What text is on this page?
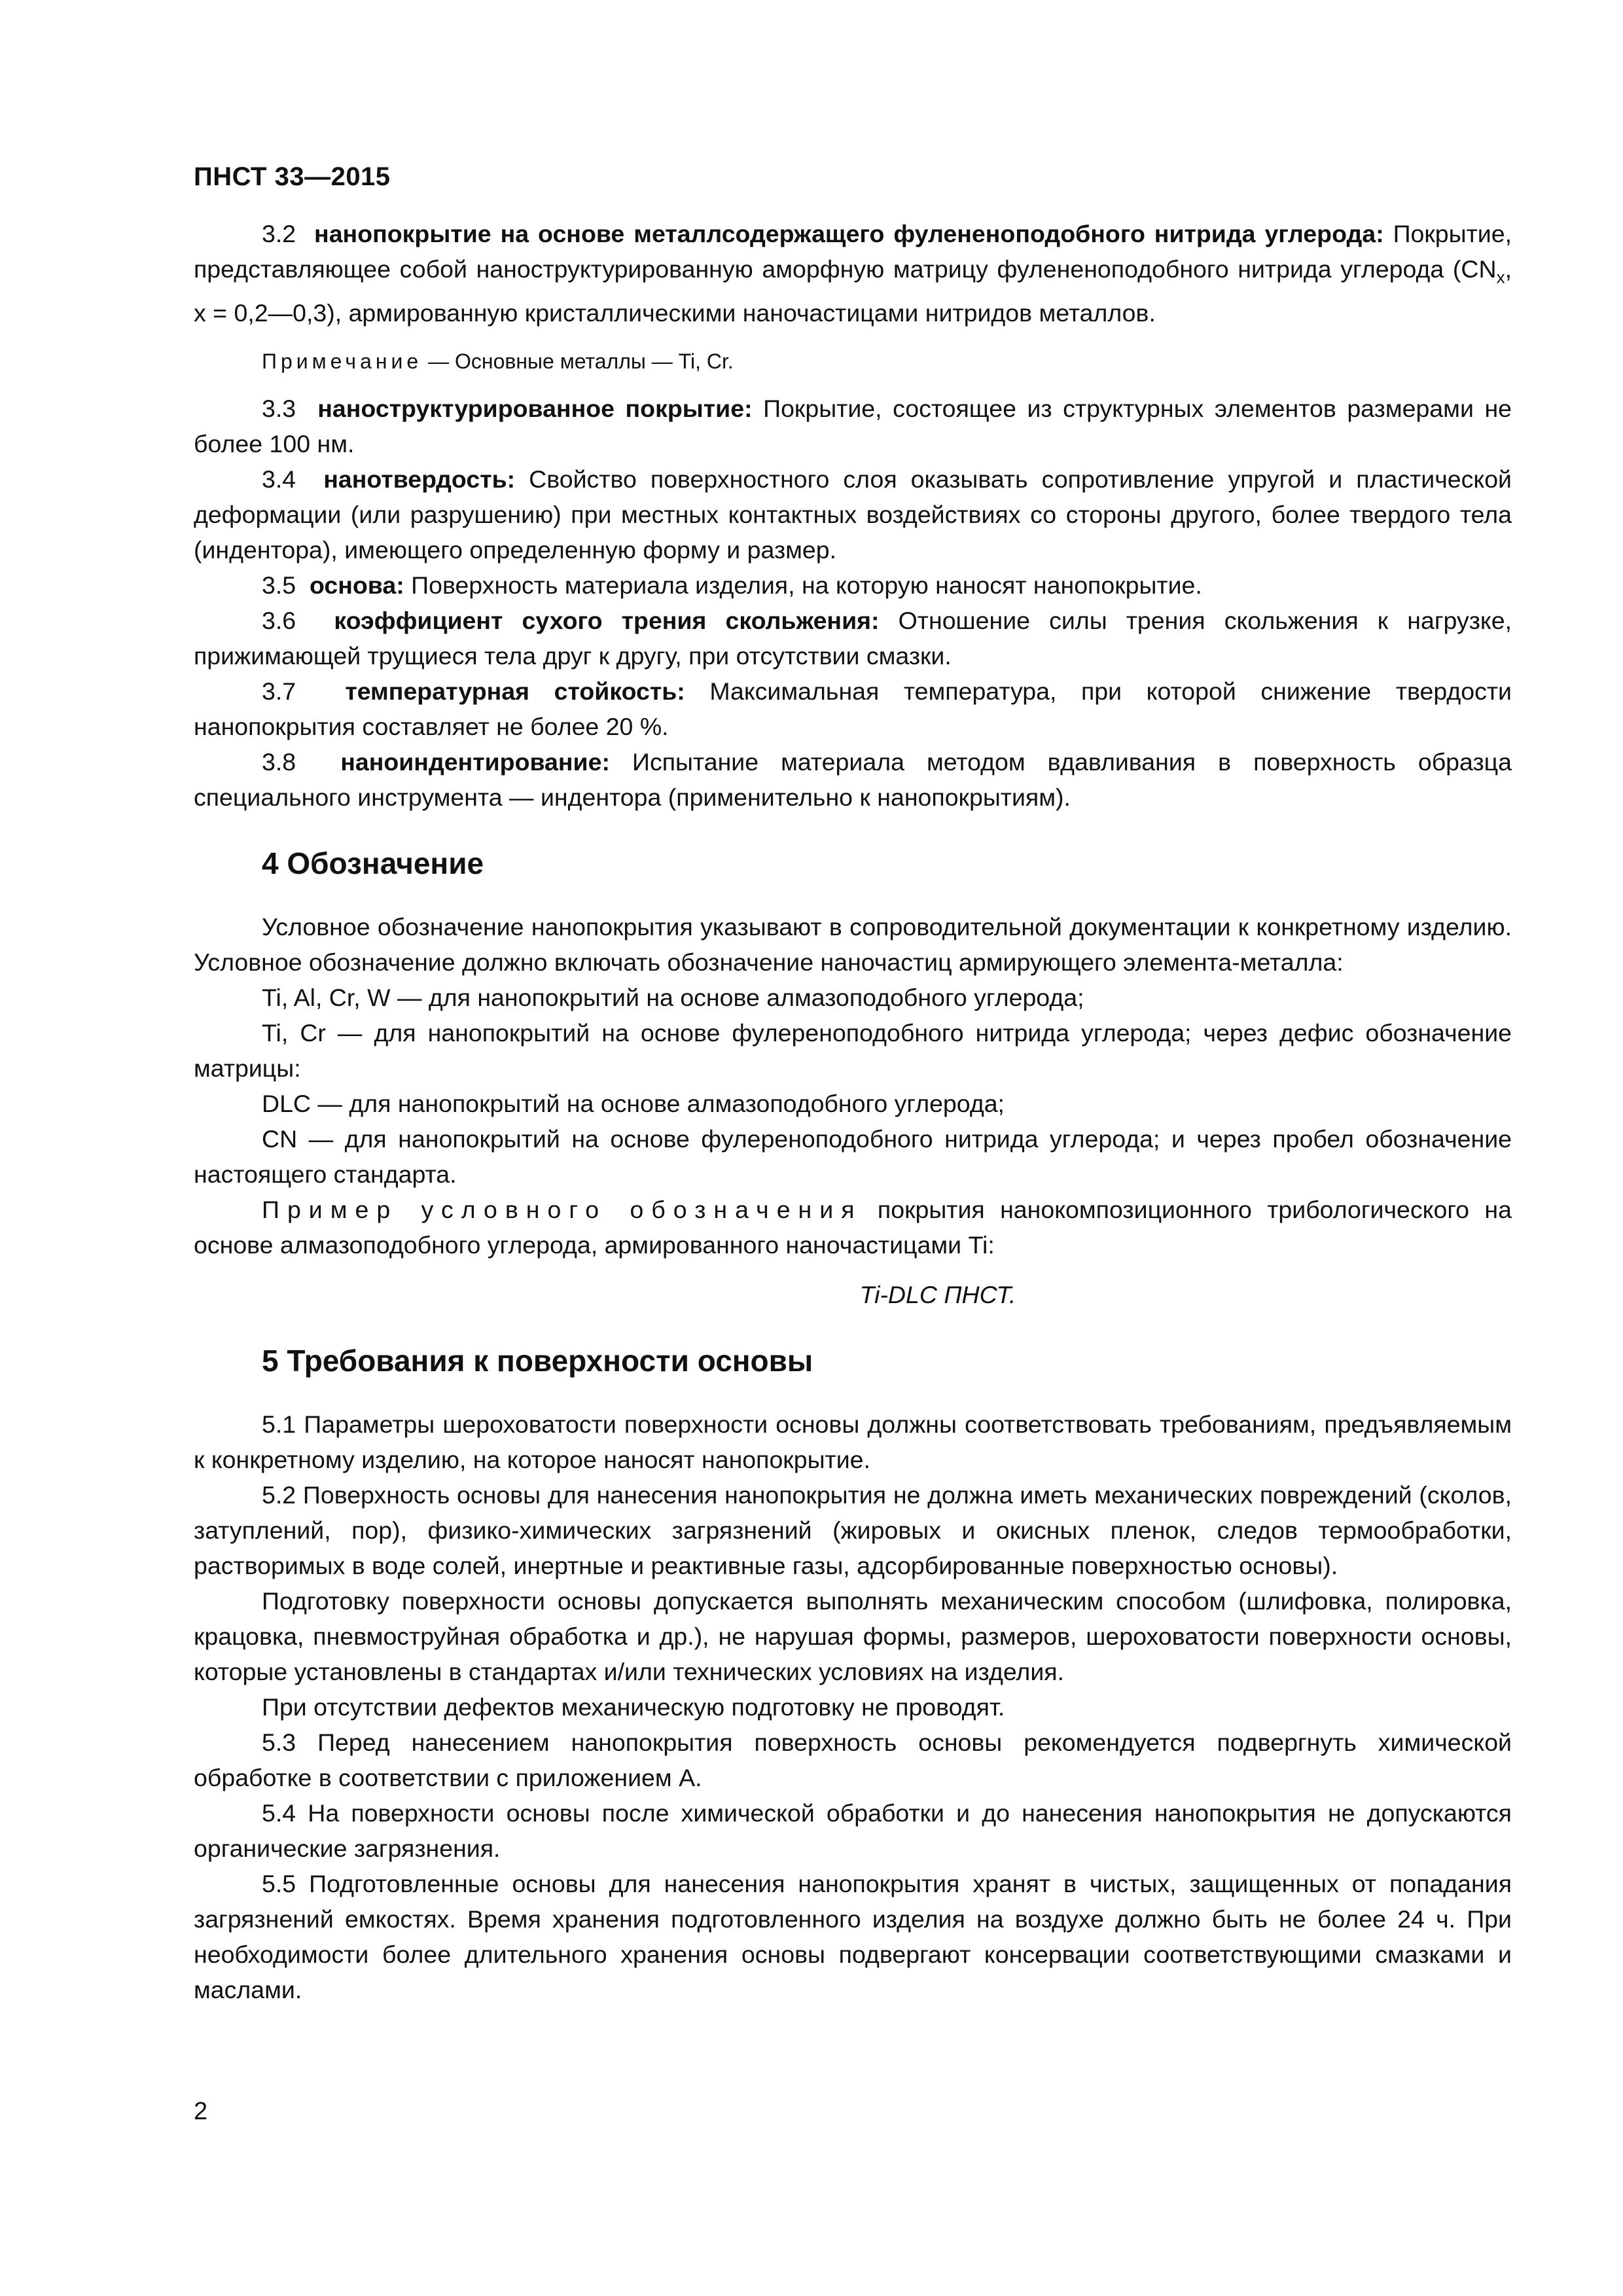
ПНСТ 33—2015

3.2 нанопокрытие на основе металлсодержащего фулененоподобного нитрида углерода: Покрытие, представляющее собой наноструктурированную аморфную матрицу фулененоподобного нитрида углерода ($CN_x$, x = 0,2—0,3), армированную кристаллическими наночастицами нитридов металлов.

Примечание — Основные металлы — Ti, Cr.

3.3 наноструктурированное покрытие: Покрытие, состоящее из структурных элементов размерами не более 100 нм.

3.4 нанотвердость: Свойство поверхностного слоя оказывать сопротивление упругой и пластической деформации (или разрушению) при местных контактных воздействиях со стороны другого, более твердого тела (индентора), имеющего определенную форму и размер.

3.5 основа: Поверхность материала изделия, на которую наносят нанопокрытие.

3.6 коэффициент сухого трения скольжения: Отношение силы трения скольжения к нагрузке, прижимающей трущиеся тела друг к другу, при отсутствии смазки.

3.7 температурная стойкость: Максимальная температура, при которой снижение твердости нанопокрытия составляет не более 20 %.

3.8 наноиндентирование: Испытание материала методом вдавливания в поверхность образца специального инструмента — индентора (применительно к нанопокрытиям).

4 Обозначение

Условное обозначение нанопокрытия указывают в сопроводительной документации к конкретному изделию. Условное обозначение должно включать обозначение наночастиц армирующего элемента-металла:

Ti, Al, Cr, W — для нанопокрытий на основе алмазоподобного углерода;

Ti, Cr — для нанопокрытий на основе фулереноподобного нитрида углерода; через дефис обозначение матрицы:

DLC — для нанопокрытий на основе алмазоподобного углерода;

CN — для нанопокрытий на основе фулереноподобного нитрида углерода; и через пробел обозначение настоящего стандарта.

Пример условного обозначения покрытия нанокомпозиционного трибологического на основе алмазоподобного углерода, армированного наночастицами Ti:

Ti-DLC ПНСТ.
5 Требования к поверхности основы

5.1 Параметры шероховатости поверхности основы должны соответствовать требованиям, предъявляемым к конкретному изделию, на которое наносят нанопокрытие.

5.2 Поверхность основы для нанесения нанопокрытия не должна иметь механических повреждений (сколов, затуплений, пор), физико-химических загрязнений (жировых и окисных пленок, следов термообработки, растворимых в воде солей, инертные и реактивные газы, адсорбированные поверхностью основы).

Подготовку поверхности основы допускается выполнять механическим способом (шлифовка, полировка, крацовка, пневмоструйная обработка и др.), не нарушая формы, размеров, шероховатости поверхности основы, которые установлены в стандартах и/или технических условиях на изделия.

При отсутствии дефектов механическую подготовку не проводят.

5.3 Перед нанесением нанопокрытия поверхность основы рекомендуется подвергнуть химической обработке в соответствии с приложением А.

5.4 На поверхности основы после химической обработки и до нанесения нанопокрытия не допускаются органические загрязнения.

5.5 Подготовленные основы для нанесения нанопокрытия хранят в чистых, защищенных от попадания загрязнений емкостях. Время хранения подготовленного изделия на воздухе должно быть не более 24 ч. При необходимости более длительного хранения основы подвергают консервации соответствующими смазками и маслами.

2
